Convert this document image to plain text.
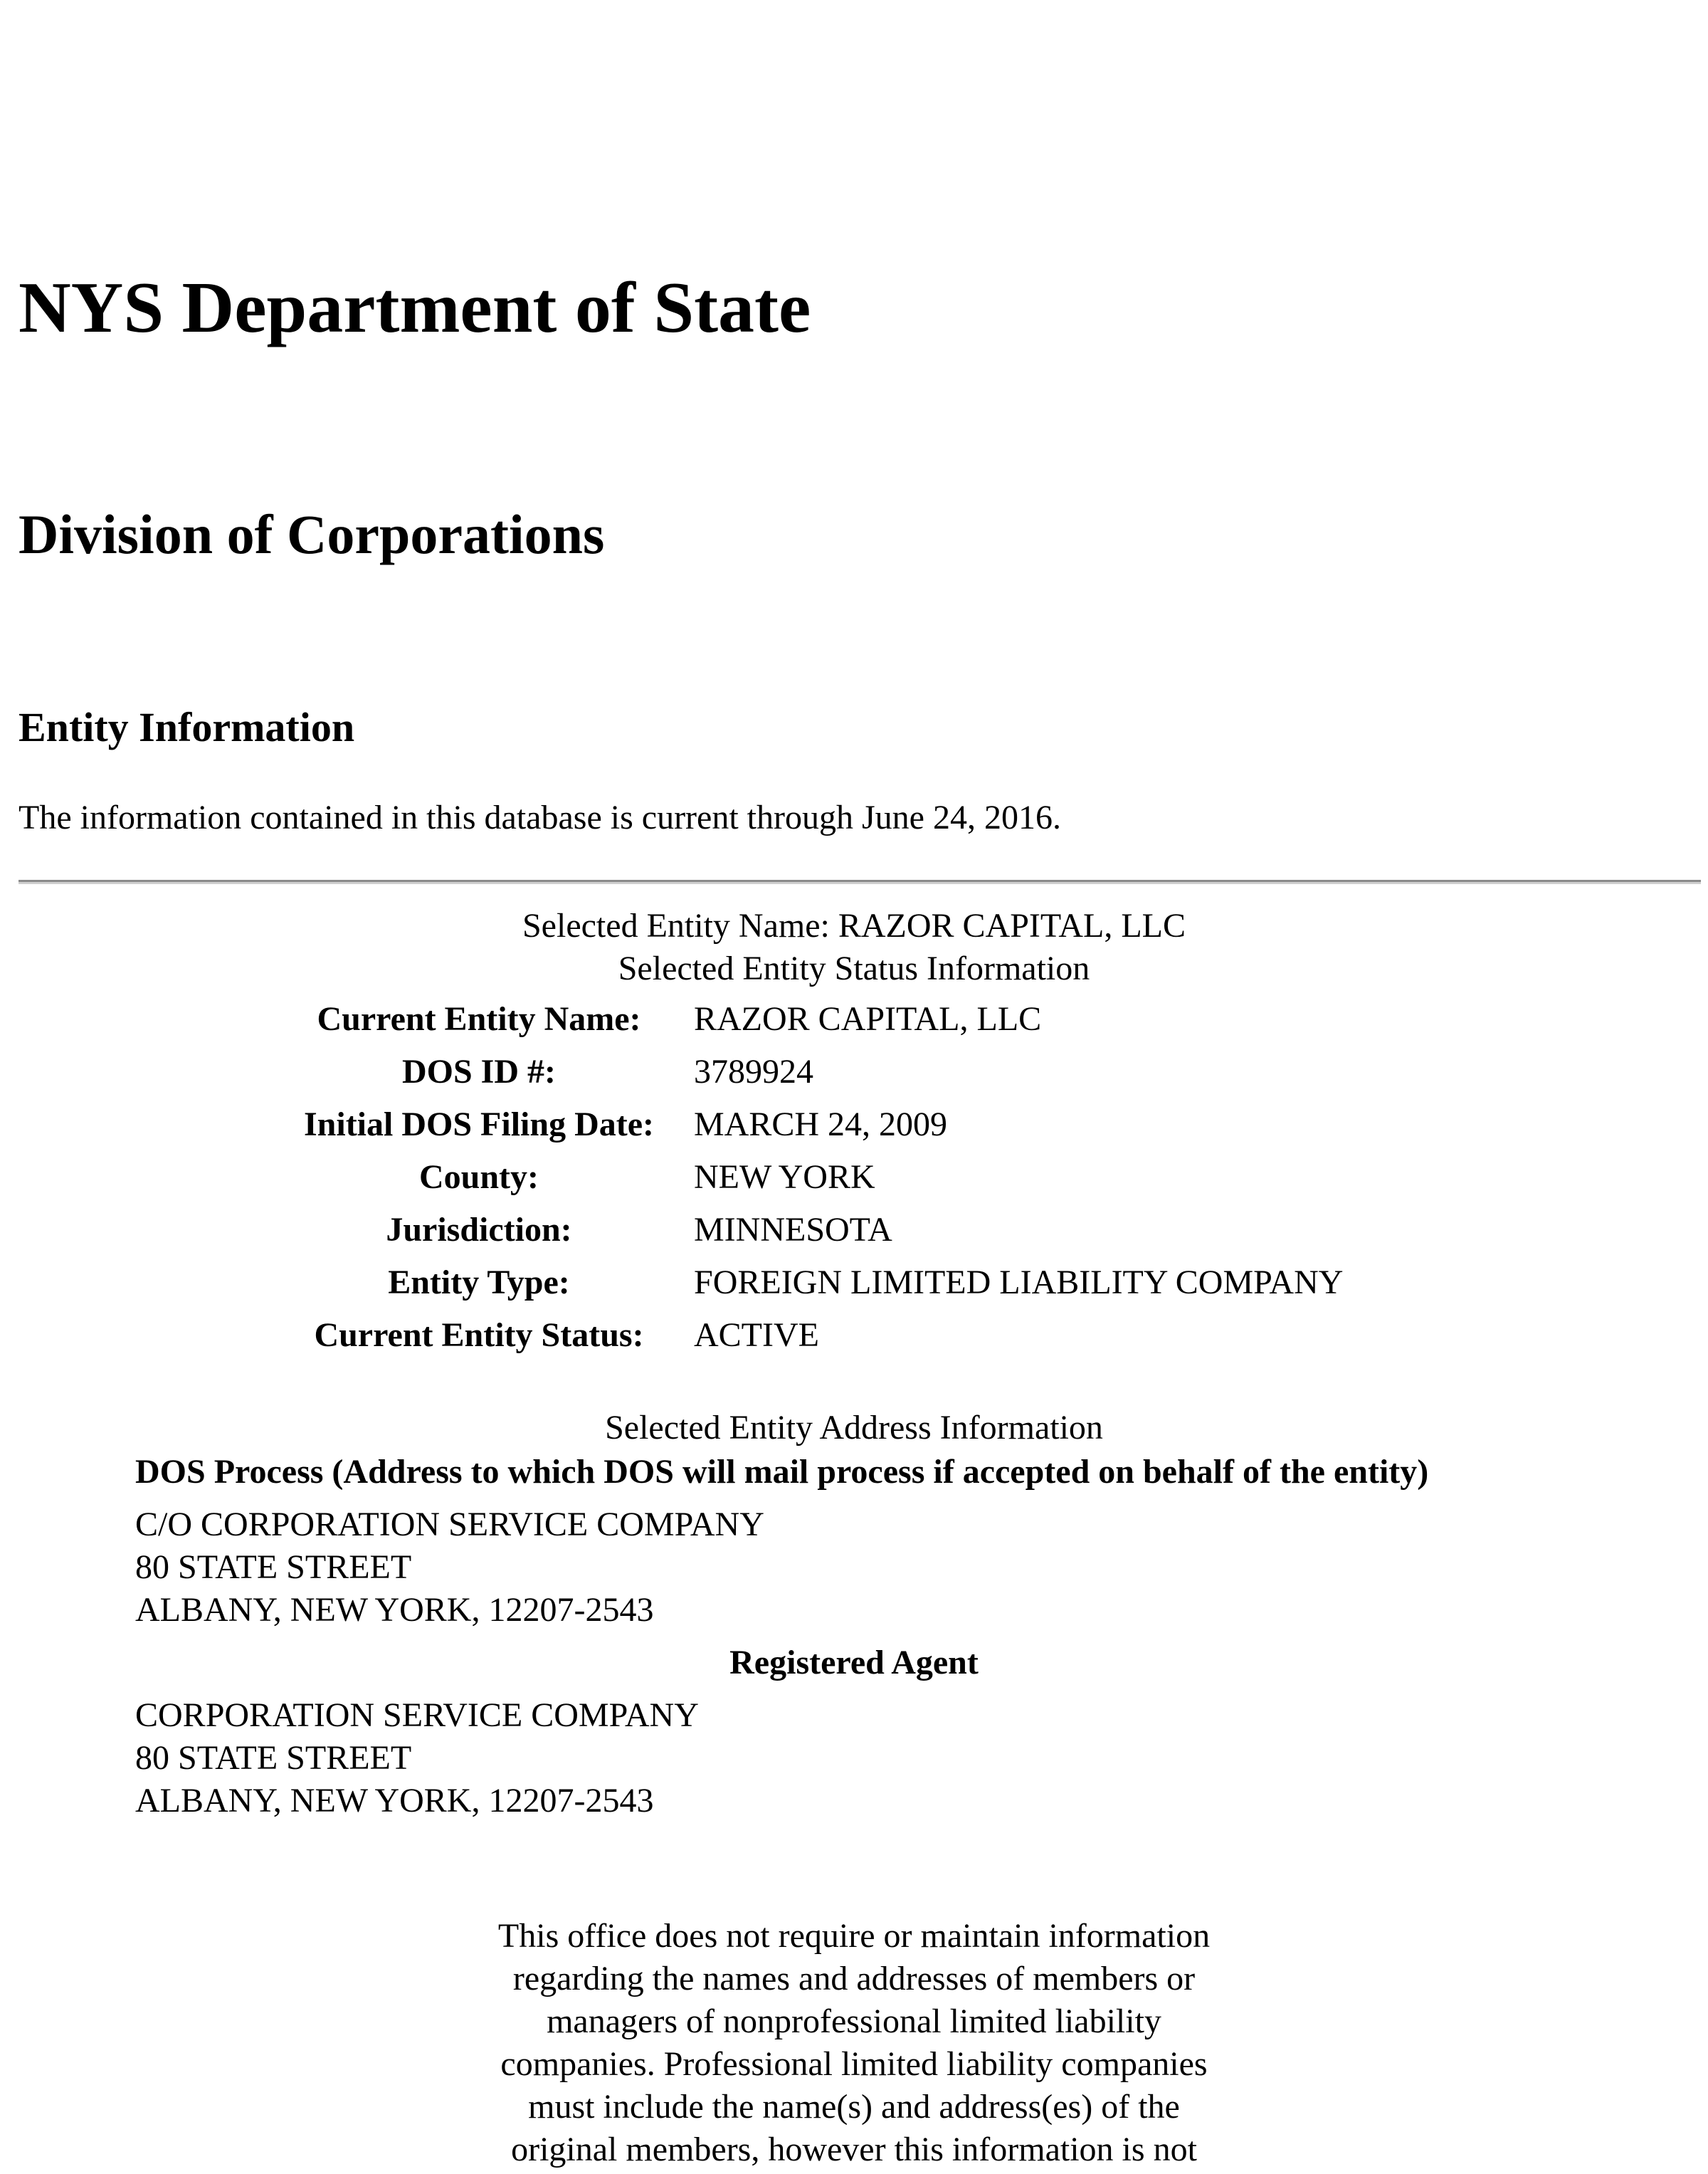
NYS Department of State
Division of Corporations
Entity Information
The information contained in this database is current through June 24, 2016.
Selected Entity Name: RAZOR CAPITAL, LLC
Selected Entity Status Information
Current Entity Name:	RAZOR CAPITAL, LLC
DOS ID #:	3789924
Initial DOS Filing Date:	MARCH 24, 2009
County:	NEW YORK
Jurisdiction:	MINNESOTA
Entity Type:	FOREIGN LIMITED LIABILITY COMPANY
Current Entity Status:	ACTIVE
Selected Entity Address Information
DOS Process (Address to which DOS will mail process if accepted on behalf of the entity)
C/O CORPORATION SERVICE COMPANY
80 STATE STREET
ALBANY, NEW YORK, 12207-2543
Registered Agent
CORPORATION SERVICE COMPANY
80 STATE STREET
ALBANY, NEW YORK, 12207-2543
This office does not require or maintain information
regarding the names and addresses of members or
managers of nonprofessional limited liability
companies. Professional limited liability companies
must include the name(s) and address(es) of the
original members, however this information is not
